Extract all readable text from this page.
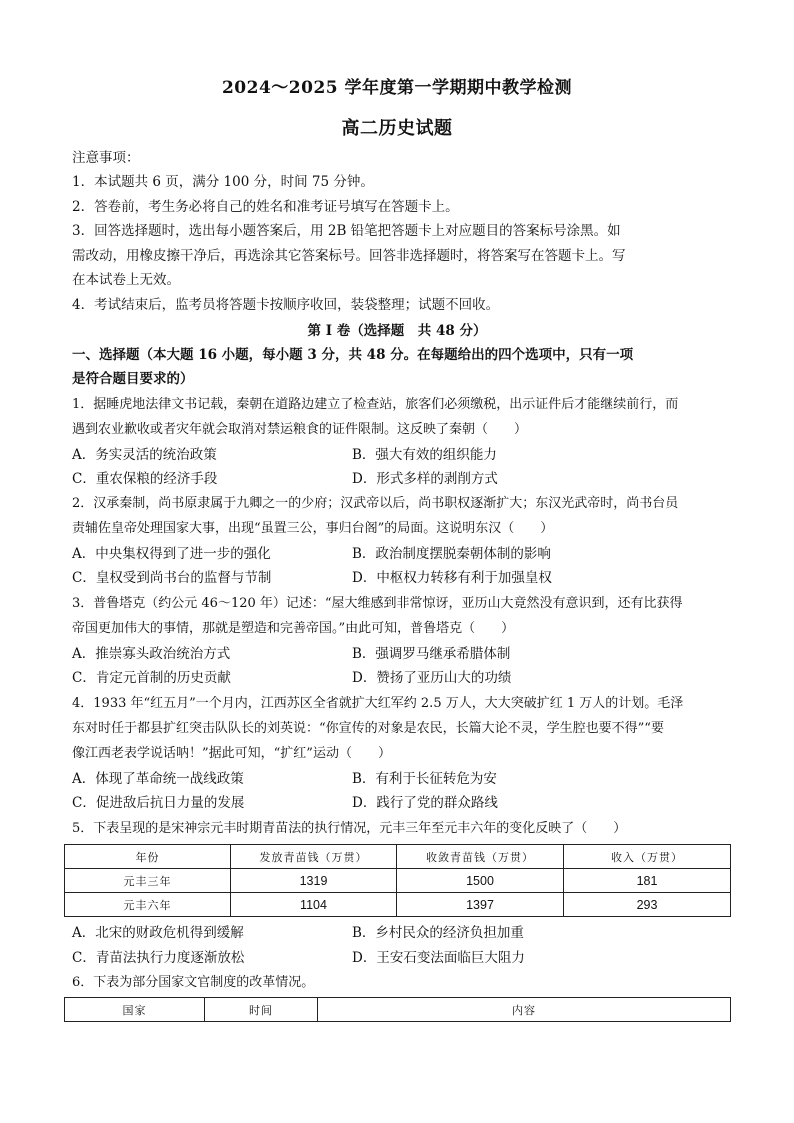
2024～2025 学年度第一学期期中教学检测
高二历史试题
注意事项：
1．本试题共 6 页，满分 100 分，时间 75 分钟。
2．答卷前，考生务必将自己的姓名和准考证号填写在答题卡上。
3．回答选择题时，选出每小题答案后，用 2B 铅笔把答题卡上对应题目的答案标号涂黑。如
需改动，用橡皮擦干净后，再选涂其它答案标号。回答非选择题时，将答案写在答题卡上。写
在本试卷上无效。
4．考试结束后，监考员将答题卡按顺序收回，装袋整理；试题不回收。
第 I 卷（选择题　共 48 分）
一、选择题（本大题 16 小题，每小题 3 分，共 48 分。在每题给出的四个选项中，只有一项
是符合题目要求的）
1．据睡虎地法律文书记载，秦朝在道路边建立了检查站，旅客们必须缴税，出示证件后才能继续前行，而
遇到农业歉收或者灾年就会取消对禁运粮食的证件限制。这反映了秦朝（　　）
A．务实灵活的统治政策	B．强大有效的组织能力
C．重农保粮的经济手段	D．形式多样的剥削方式
2．汉承秦制，尚书原隶属于九卿之一的少府；汉武帝以后，尚书职权逐渐扩大；东汉光武帝时，尚书台员
责辅佐皇帝处理国家大事，出现“虽置三公，事归台阁”的局面。这说明东汉（　　）
A．中央集权得到了进一步的强化	B．政治制度摆脱秦朝体制的影响
C．皇权受到尚书台的监督与节制	D．中枢权力转移有利于加强皇权
3．普鲁塔克（约公元 46～120 年）记述：“屋大维感到非常惊讶，亚历山大竟然没有意识到，还有比获得
帝国更加伟大的事情，那就是塑造和完善帝国。”由此可知，普鲁塔克（　　）
A．推崇寡头政治统治方式	B．强调罗马继承希腊体制
C．肯定元首制的历史贡献	D．赞扬了亚历山大的功绩
4．1933 年“红五月”一个月内，江西苏区全省就扩大红军约 2.5 万人，大大突破扩红 1 万人的计划。毛泽
东对时任于都县扩红突击队队长的刘英说：“你宣传的对象是农民，长篇大论不灵，学生腔也要不得”“要
像江西老表学说话呐！”据此可知，“扩红”运动（　　）
A．体现了革命统一战线政策	B．有利于长征转危为安
C．促进敌后抗日力量的发展	D．践行了党的群众路线
5．下表呈现的是宋神宗元丰时期青苗法的执行情况，元丰三年至元丰六年的变化反映了（　　）
年份	发放青苗钱（万贯）	收敛青苗钱（万贯）	收入（万贯）
元丰三年	1319	1500	181
元丰六年	1104	1397	293
A．北宋的财政危机得到缓解	B．乡村民众的经济负担加重
C．青苗法执行力度逐渐放松	D．王安石变法面临巨大阻力
6．下表为部分国家文官制度的改革情况。
国家	时间	内容
